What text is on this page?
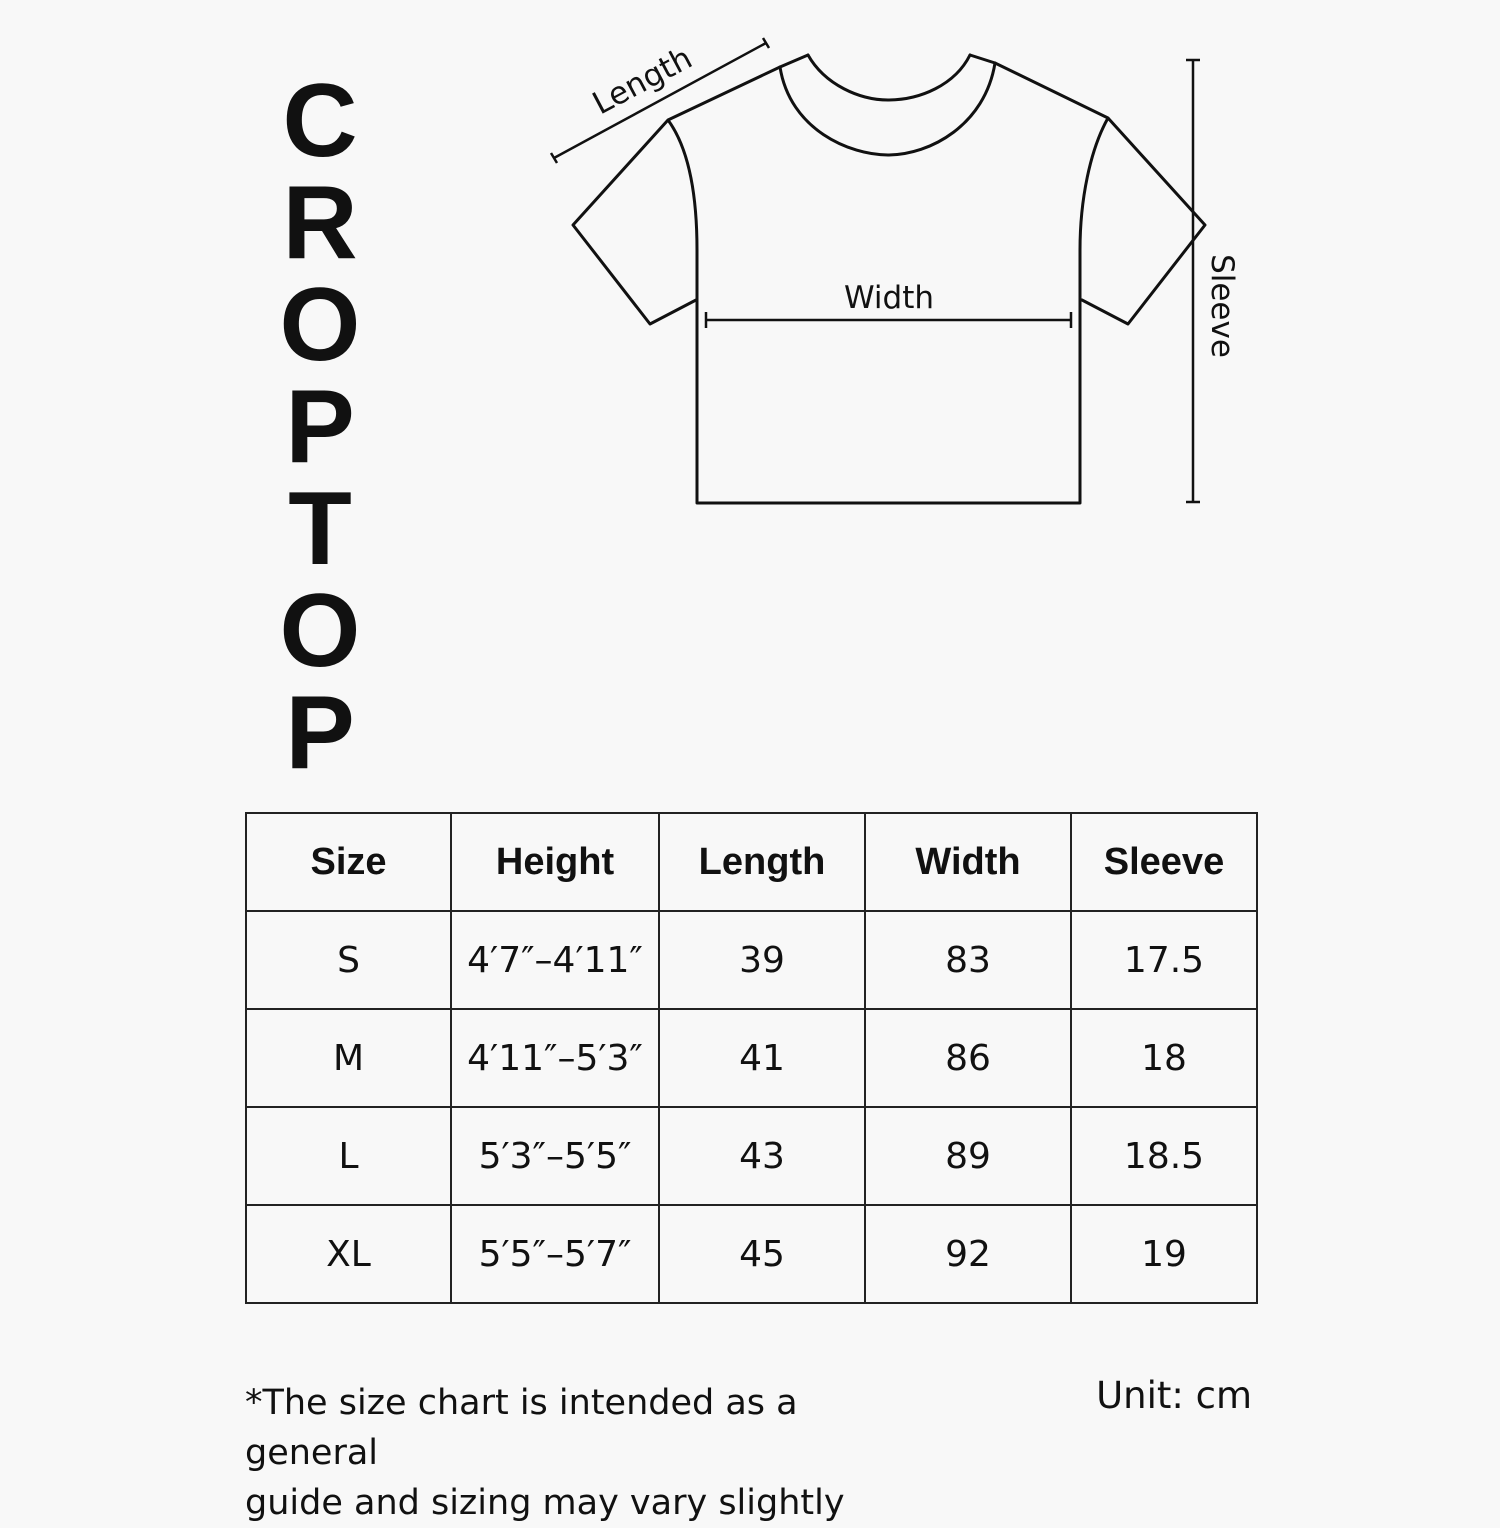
C
R
O
P
T
O
P
Length
Width	Sleeve
Size	Height	Length	Width	Sleeve
S	4′7″–4′11″	39	83	17.5
M	4′11″–5′3″	41	86	18
L	5′3″–5′5″	43	89	18.5
XL	5′5″–5′7″	45	92	19
*The size chart is intended as a general
guide and sizing may vary slightly
Unit: cm
